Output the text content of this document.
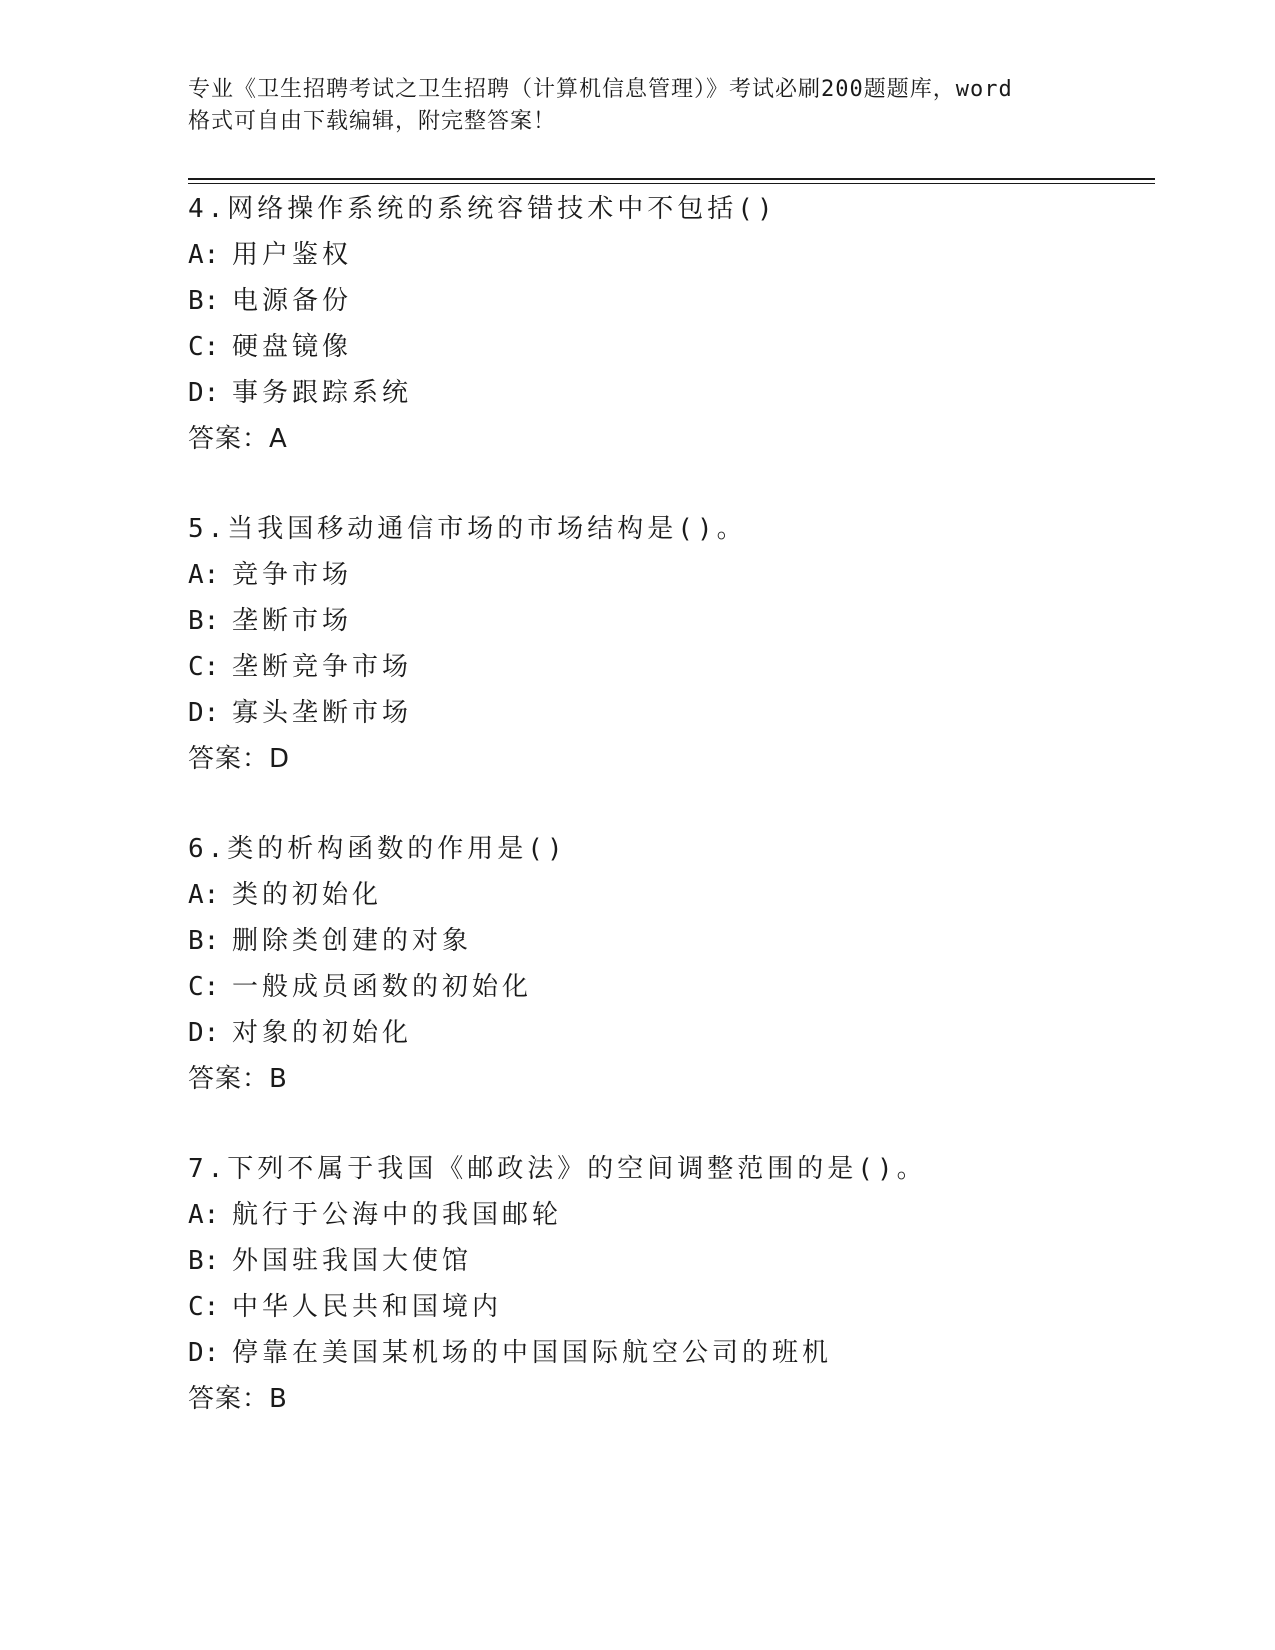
专业《卫生招聘考试之卫生招聘（计算机信息管理）》考试必刷200题题库，word
格式可自由下载编辑，附完整答案！
4.网络操作系统的系统容错技术中不包括()
A: 用户鉴权
B: 电源备份
C: 硬盘镜像
D: 事务跟踪系统
答案：A
5.当我国移动通信市场的市场结构是()。
A: 竞争市场
B: 垄断市场
C: 垄断竞争市场
D: 寡头垄断市场
答案：D
6.类的析构函数的作用是()
A: 类的初始化
B: 删除类创建的对象
C: 一般成员函数的初始化
D: 对象的初始化
答案：B
7.下列不属于我国《邮政法》的空间调整范围的是()。
A: 航行于公海中的我国邮轮
B: 外国驻我国大使馆
C: 中华人民共和国境内
D: 停靠在美国某机场的中国国际航空公司的班机
答案：B
